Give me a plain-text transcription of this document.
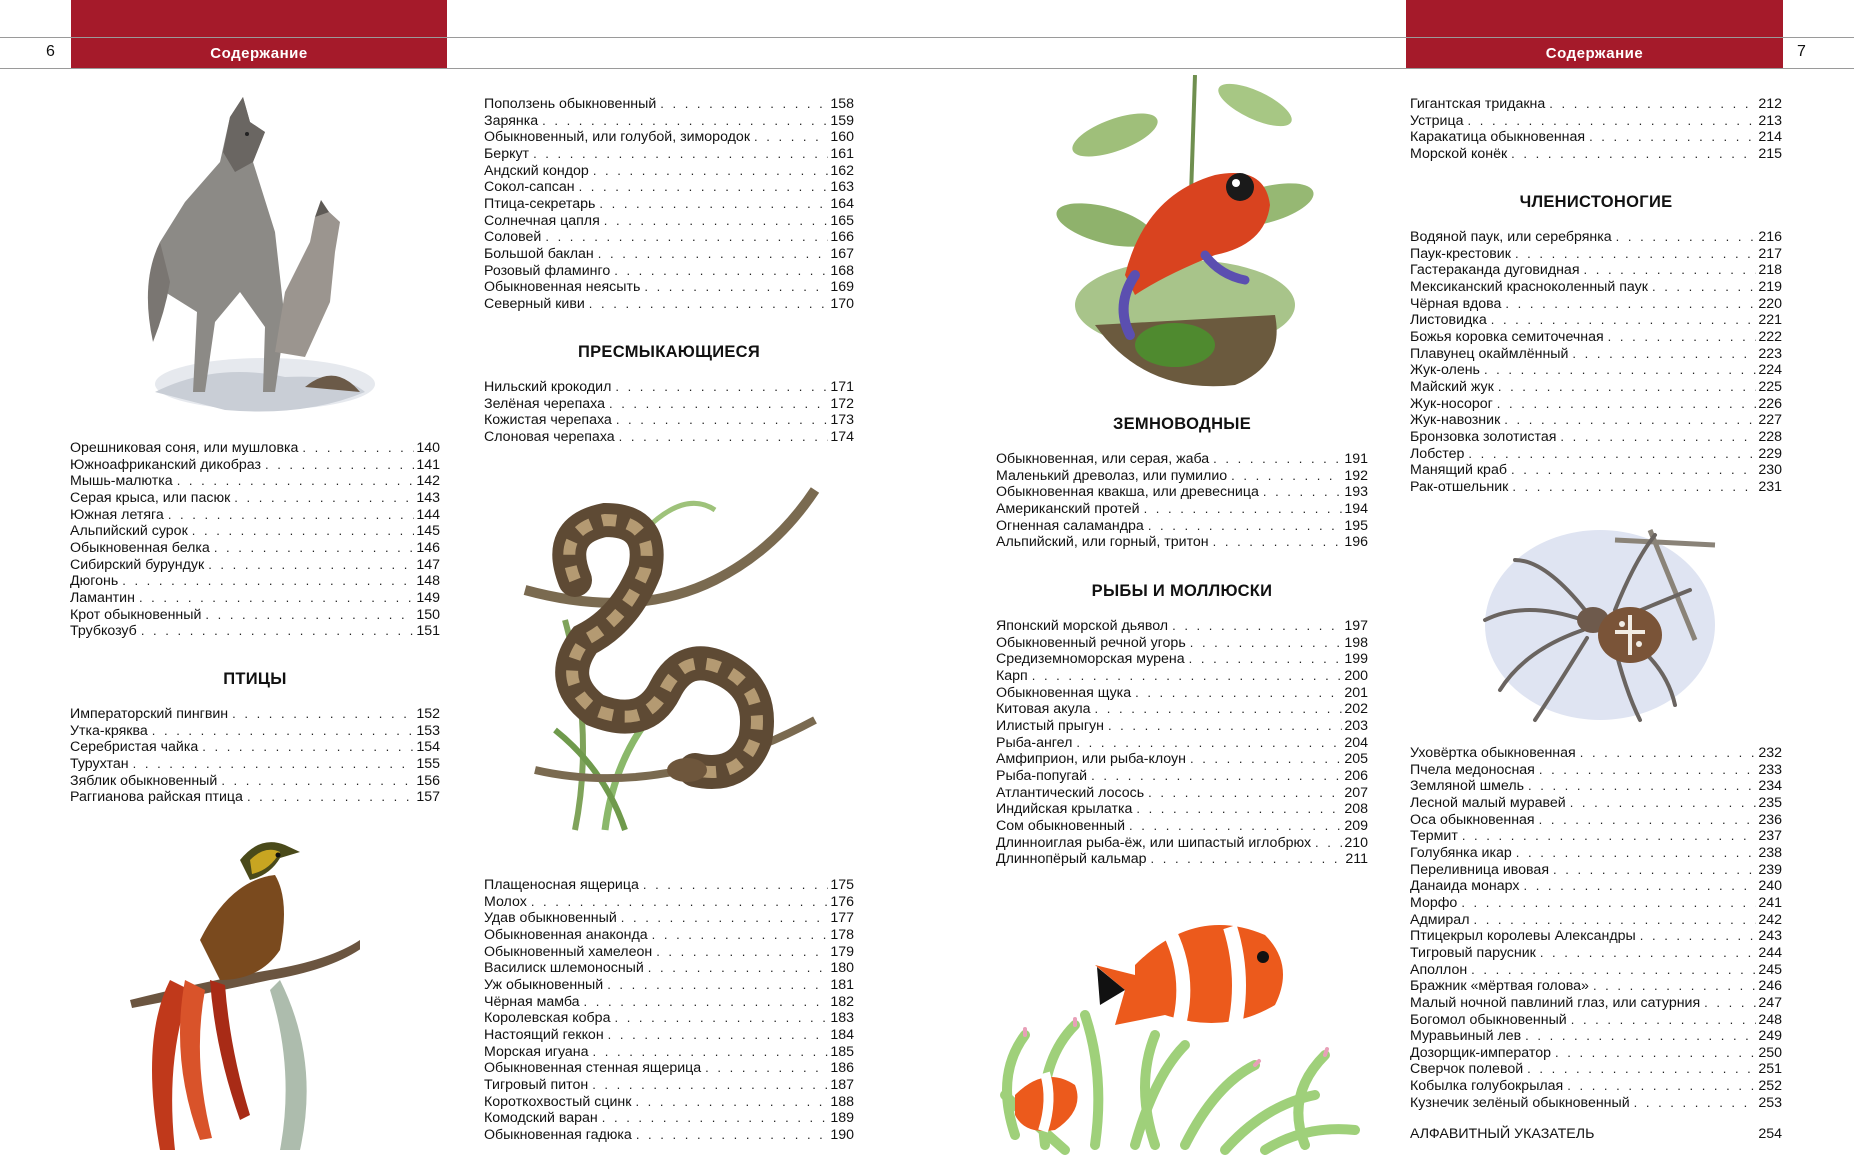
Содержание	Содержание
6	7
Орешниковая соня, или мушловка . . .	140
Южноафриканский дикобраз . . .	141
Мышь-малютка . . .	142
Серая крыса, или пасюк . . .	143
Южная летяга . . .	144
Альпийский сурок . . .	145
Обыкновенная белка . . .	146
Сибирский бурундук . . .	147
Дюгонь . . .	148
Ламантин . . .	149
Крот обыкновенный . . .	150
Трубкозуб . . .	151
ПТИЦЫ
Императорский пингвин . . .	152
Утка-кряква . . .	153
Серебристая чайка . . .	154
Турухтан . . .	155
Зяблик обыкновенный . . .	156
Раггианова райская птица . . .	157
Поползень обыкновенный . . .	158
Зарянка . . .	159
Обыкновенный, или голубой, зимородок . . .	160
Беркут . . .	161
Андский кондор . . .	162
Сокол-сапсан . . .	163
Птица-секретарь . . .	164
Солнечная цапля . . .	165
Соловей . . .	166
Большой баклан . . .	167
Розовый фламинго . . .	168
Обыкновенная неясыть . . .	169
Северный киви . . .	170
ПРЕСМЫКАЮЩИЕСЯ
Нильский крокодил . . .	171
Зелёная черепаха . . .	172
Кожистая черепаха . . .	173
Слоновая черепаха . . .	174
Плащеносная ящерица . . .	175
Молох . . .	176
Удав обыкновенный . . .	177
Обыкновенная анаконда . . .	178
Обыкновенный хамелеон . . .	179
Василиск шлемоносный . . .	180
Уж обыкновенный . . .	181
Чёрная мамба . . .	182
Королевская кобра . . .	183
Настоящий геккон . . .	184
Морская игуана . . .	185
Обыкновенная стенная ящерица . . .	186
Тигровый питон . . .	187
Короткохвостый сцинк . . .	188
Комодский варан . . .	189
Обыкновенная гадюка . . .	190
ЗЕМНОВОДНЫЕ
Обыкновенная, или серая, жаба . . .	191
Маленький древолаз, или пумилио . . .	192
Обыкновенная квакша, или древесница . . .	193
Американский протей . . .	194
Огненная саламандра . . .	195
Альпийский, или горный, тритон . . .	196
РЫБЫ И МОЛЛЮСКИ
Японский морской дьявол . . .	197
Обыкновенный речной угорь . . .	198
Средиземноморская мурена . . .	199
Карп . . .	200
Обыкновенная щука . . .	201
Китовая акула . . .	202
Илистый прыгун . . .	203
Рыба-ангел . . .	204
Амфиприон, или рыба-клоун . . .	205
Рыба-попугай . . .	206
Атлантический лосось . . .	207
Индийская крылатка . . .	208
Сом обыкновенный . . .	209
Длинноиглая рыба-ёж, или шипастый иглобрюх . . . 210
Длиннопёрый кальмар . . .	211
Гигантская тридакна . . .	212
Устрица . . .	213
Каракатица обыкновенная . . .	214
Морской конёк . . .	215
ЧЛЕНИСТОНОГИЕ
Водяной паук, или серебрянка . . .	216
Паук-крестовик . . .	217
Гастеракандa дуговидная . . .	218
Мексиканский красноколенный паук . . .	219
Чёрная вдова . . .	220
Листовидка . . .	221
Божья коровка семиточечная . . .	222
Плавунец окаймлённый . . .	223
Жук-олень . . .	224
Майский жук . . .	225
Жук-носорог . . .	226
Жук-навозник . . .	227
Бронзовка золотистая . . .	228
Лобстер . . .	229
Манящий краб . . .	230
Рак-отшельник . . .	231
Уховёртка обыкновенная . . .	232
Пчела медоносная . . .	233
Земляной шмель . . .	234
Лесной малый муравей . . .	235
Оса обыкновенная . . .	236
Термит . . .	237
Голубянка икар . . .	238
Переливница ивовая . . .	239
Данаида монарх . . .	240
Морфо . . .	241
Адмирал . . .	242
Птицекрыл королевы Александры . . .	243
Тигровый парусник . . .	244
Аполлон . . .	245
Бражник «мёртвая голова» . . .	246
Малый ночной павлиний глаз, или сатурния . . .	247
Богомол обыкновенный . . .	248
Муравьиный лев . . .	249
Дозорщик-император . . .	250
Сверчок полевой . . .	251
Кобылка голубокрылая . . .	252
Кузнечик зелёный обыкновенный . . .	253
АЛФАВИТНЫЙ УКАЗАТЕЛЬ	254
